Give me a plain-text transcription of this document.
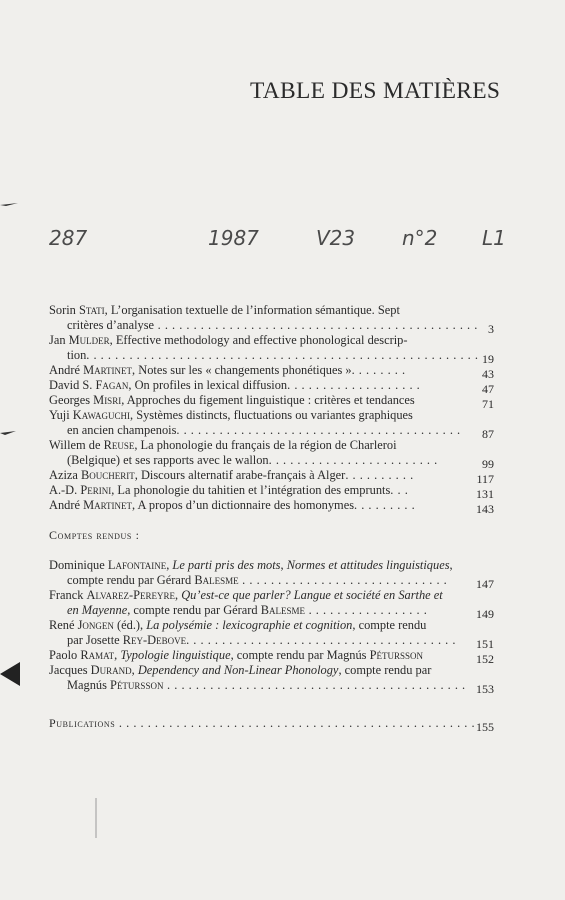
TABLE DES MATIÈRES
287	1987	V23 n°2 L1
Sorin Stati, L’organisation textuelle de l’information sémantique. Sept
critères d’analyse . . . . . . . . . . . . . . . . . . . . . . . . . . . . . . . . . . . . . . . . . . . . . 3
Jan Mulder, Effective methodology and effective phonological descrip-
tion. . . . . . . . . . . . . . . . . . . . . . . . . . . . . . . . . . . . . . . . . . . . . . . . . . . . . . . 19
André Martinet, Notes sur les « changements phonétiques ». . . . . . . .	43
David S. Fagan, On profiles in lexical diffusion. . . . . . . . . . . . . . . . . . .	47
Georges Misri, Approches du figement linguistique : critères et tendances	71
Yuji Kawaguchi, Systèmes distincts, fluctuations ou variantes graphiques
en ancien champenois. . . . . . . . . . . . . . . . . . . . . . . . . . . . . . . . . . . . . . . . 87
Willem de Reuse, La phonologie du français de la région de Charleroi
(Belgique) et ses rapports avec le wallon. . . . . . . . . . . . . . . . . . . . . . . .	99
Aziza Boucherit, Discours alternatif arabe-français à Alger. . . . . . . . . .	117
A.-D. Perini, La phonologie du tahitien et l’intégration des emprunts. . .	131
André Martinet, A propos d’un dictionnaire des homonymes. . . . . . . . .	143
Comptes rendus :
Dominique Lafontaine, Le parti pris des mots, Normes et attitudes linguistiques,
compte rendu par Gérard Balesme . . . . . . . . . . . . . . . . . . . . . . . . . . . . . 147
Franck Alvarez-Pereyre, Qu’est-ce que parler? Langue et société en Sarthe et
en Mayenne, compte rendu par Gérard Balesme . . . . . . . . . . . . . . . . .	149
René Jongen (éd.), La polysémie : lexicographie et cognition, compte rendu
par Josette Rey-Debove. . . . . . . . . . . . . . . . . . . . . . . . . . . . . . . . . . . . . . 151
Paolo Ramat, Typologie linguistique, compte rendu par Magnús Pétursson	152
Jacques Durand, Dependency and Non-Linear Phonology, compte rendu par
Magnús Pétursson . . . . . . . . . . . . . . . . . . . . . . . . . . . . . . . . . . . . . . . . . . 153
Publications . . . . . . . . . . . . . . . . . . . . . . . . . . . . . . . . . . . . . . . . . . . . . . . . . . 155
